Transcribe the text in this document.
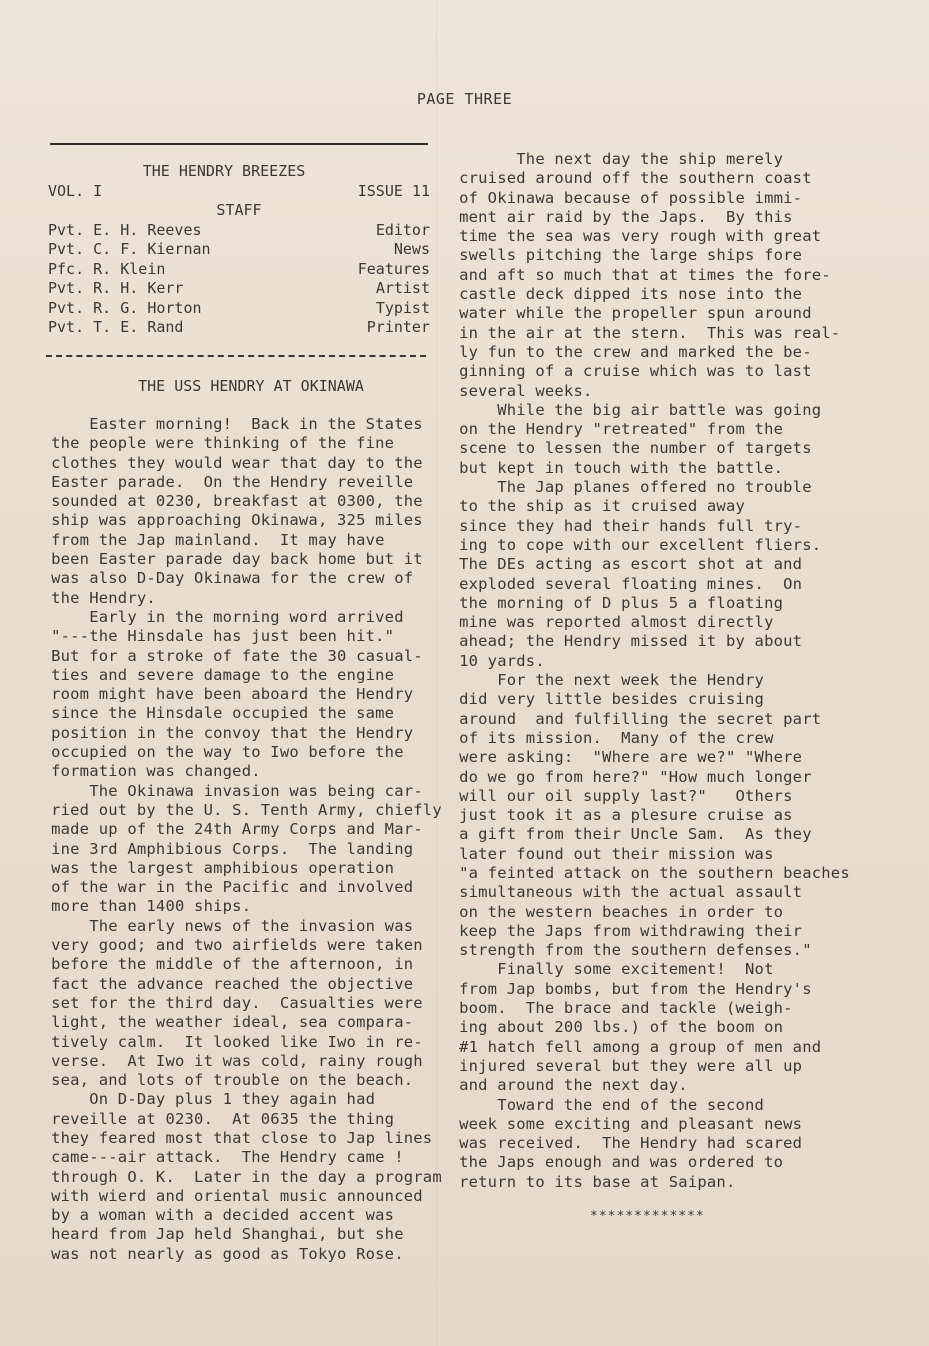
PAGE THREE
THE HENDRY BREEZES
VOL. I	ISSUE 11
STAFF
Pvt. E. H. Reeves	Editor
Pvt. C. F. Kiernan	News
Pfc. R. Klein	Features
Pvt. R. H. Kerr	Artist
Pvt. R. G. Horton	Typist
Pvt. T. E. Rand	Printer
THE USS HENDRY AT OKINAWA
Easter morning!  Back in the States
the people were thinking of the fine
clothes they would wear that day to the
Easter parade.  On the Hendry reveille
sounded at 0230, breakfast at 0300, the
ship was approaching Okinawa, 325 miles
from the Jap mainland.  It may have
been Easter parade day back home but it
was also D-Day Okinawa for the crew of
the Hendry.
Early in the morning word arrived
"---the Hinsdale has just been hit."
But for a stroke of fate the 30 casual-
ties and severe damage to the engine
room might have been aboard the Hendry
since the Hinsdale occupied the same
position in the convoy that the Hendry
occupied on the way to Iwo before the
formation was changed.
The Okinawa invasion was being car-
ried out by the U. S. Tenth Army, chiefly
made up of the 24th Army Corps and Mar-
ine 3rd Amphibious Corps.  The landing
was the largest amphibious operation
of the war in the Pacific and involved
more than 1400 ships.
The early news of the invasion was
very good; and two airfields were taken
before the middle of the afternoon, in
fact the advance reached the objective
set for the third day.  Casualties were
light, the weather ideal, sea compara-
tively calm.  It looked like Iwo in re-
verse.  At Iwo it was cold, rainy rough
sea, and lots of trouble on the beach.
On D-Day plus 1 they again had
reveille at 0230.  At 0635 the thing
they feared most that close to Jap lines
came---air attack.  The Hendry came !
through O. K.  Later in the day a program
with wierd and oriental music announced
by a woman with a decided accent was
heard from Jap held Shanghai, but she
was not nearly as good as Tokyo Rose.
The next day the ship merely
cruised around off the southern coast
of Okinawa because of possible immi-
ment air raid by the Japs.  By this
time the sea was very rough with great
swells pitching the large ships fore
and aft so much that at times the fore-
castle deck dipped its nose into the
water while the propeller spun around
in the air at the stern.  This was real-
ly fun to the crew and marked the be-
ginning of a cruise which was to last
several weeks.
While the big air battle was going
on the Hendry "retreated" from the
scene to lessen the number of targets
but kept in touch with the battle.
The Jap planes offered no trouble
to the ship as it cruised away
since they had their hands full try-
ing to cope with our excellent fliers.
The DEs acting as escort shot at and
exploded several floating mines.  On
the morning of D plus 5 a floating
mine was reported almost directly
ahead; the Hendry missed it by about
10 yards.
For the next week the Hendry
did very little besides cruising
around  and fulfilling the secret part
of its mission.  Many of the crew
were asking:  "Where are we?" "Where
do we go from here?" "How much longer
will our oil supply last?"   Others
just took it as a plesure cruise as
a gift from their Uncle Sam.  As they
later found out their mission was
"a feinted attack on the southern beaches
simultaneous with the actual assault
on the western beaches in order to
keep the Japs from withdrawing their
strength from the southern defenses."
Finally some excitement!  Not
from Jap bombs, but from the Hendry's
boom.  The brace and tackle (weigh-
ing about 200 lbs.) of the boom on
#1 hatch fell among a group of men and
injured several but they were all up
and around the next day.
Toward the end of the second
week some exciting and pleasant news
was received.  The Hendry had scared
the Japs enough and was ordered to
return to its base at Saipan.
*************
